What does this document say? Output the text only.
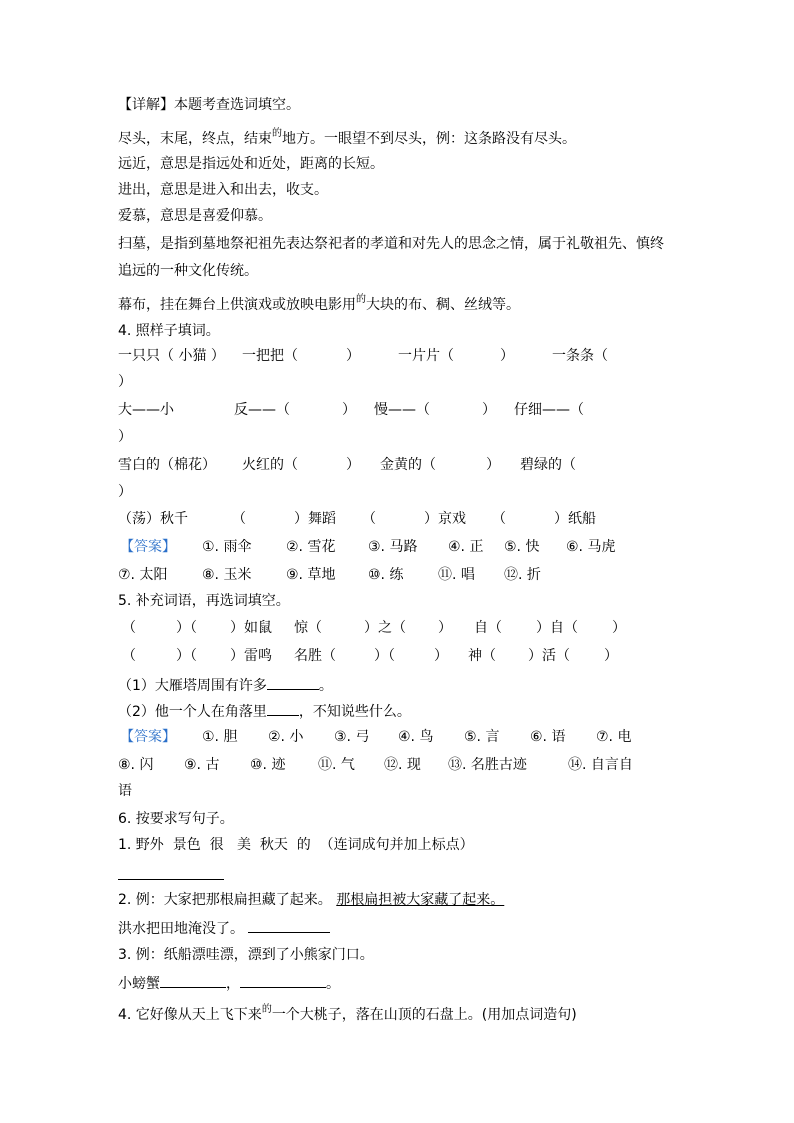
【详解】本题考查选词填空。
尽头，末尾，终点，结束$^的$地方。一眼望不到尽头，例：这条路没有尽头。
远近，意思是指远处和近处，距离的长短。
进出，意思是进入和出去，收支。
爱慕，意思是喜爱仰慕。
扫墓，是指到墓地祭祀祖先表达祭祀者的孝道和对先人的思念之情，属于礼敬祖先、慎终
追远的一种文化传统。
幕布，挂在舞台上供演戏或放映电影用$^的$大块的布、稠、丝绒等。
4. 照样子填词。
一只只（ 小猫 ） 一把把（	）	一片片（	）	一条条（
）
大——小	反——（	） 慢——（	） 仔细——（
）
雪白的（棉花） 火红的（	） 金黄的（	） 碧绿的（
）
（荡）秋千	（	）舞蹈 （	）京戏 （	）纸船
【答案】 ①. 雨伞 ②. 雪花 ③. 马路 ④. 正 ⑤. 快 ⑥. 马虎
⑦. 太阳 ⑧. 玉米 ⑨. 草地 ⑩. 练 ⑪. 唱 ⑫. 折
5. 补充词语，再选词填空。
（	）（ ）如鼠 惊（	）之（ ） 自（ ）自（ ）
（	）（ ）雷鸣 名胜（	）（	） 神（ ）活（ ）
（1）大雁塔周围有许多	。
（2）他一个人在角落里 ，不知说些什么。
【答案】 ①. 胆 ②. 小 ③. 弓 ④. 鸟 ⑤. 言 ⑥. 语 ⑦. 电
⑧. 闪 ⑨. 古 ⑩. 迹 ⑪. 气 ⑫. 现 ⑬. 名胜古迹	⑭. 自言自
语
6. 按要求写句子。
1. 野外  景色  很   美  秋天  的  （连词成句并加上标点）
2. 例：大家把那根扁担藏了起来。 那根扁担被大家藏了起来。
洪水把田地淹没了。
3. 例：纸船漂哇漂，漂到了小熊家门口。
小螃蟹	，	。
4. 它好像从天上飞下来$^的$一个大桃子，落在山顶的石盘上。(用加点词造句)
